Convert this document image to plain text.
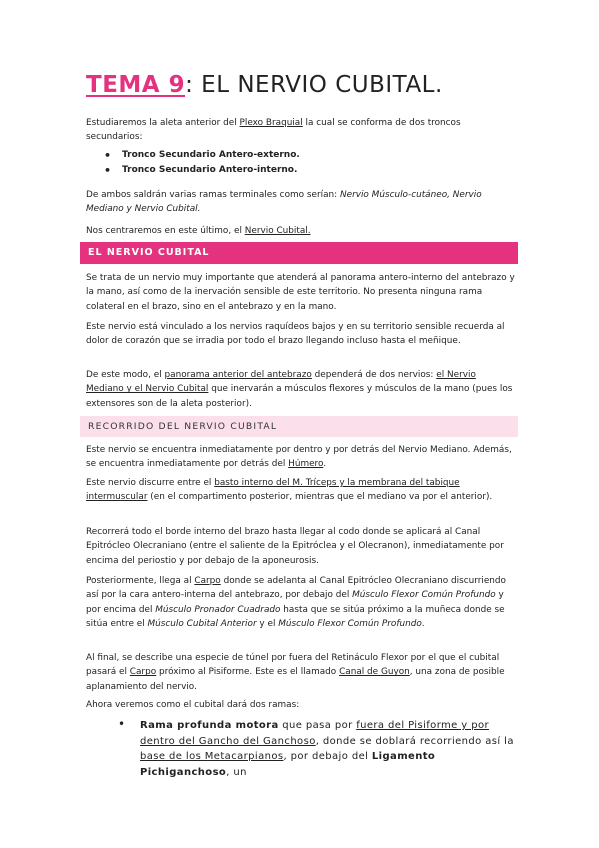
TEMA 9: EL NERVIO CUBITAL.
Estudiaremos la aleta anterior del Plexo Braquial la cual se conforma de dos troncos secundarios:
• Tronco Secundario Antero-externo.
• Tronco Secundario Antero-interno.
De ambos saldrán varias ramas terminales como serían: Nervio Músculo-cutáneo, Nervio Mediano y Nervio Cubital.
Nos centraremos en este último, el Nervio Cubital.
EL NERVIO CUBITAL
Se trata de un nervio muy importante que atenderá al panorama antero-interno del antebrazo y la mano, así como de la inervación sensible de este territorio. No presenta ninguna rama colateral en el brazo, sino en el antebrazo y en la mano.
Este nervio está vinculado a los nervios raquídeos bajos y en su territorio sensible recuerda al dolor de corazón que se irradia por todo el brazo llegando incluso hasta el meñique.
De este modo, el panorama anterior del antebrazo dependerá de dos nervios: el Nervio Mediano y el Nervio Cubital que inervarán a músculos flexores y músculos de la mano (pues los extensores son de la aleta posterior).
RECORRIDO DEL NERVIO CUBITAL
Este nervio se encuentra inmediatamente por dentro y por detrás del Nervio Mediano. Además, se encuentra inmediatamente por detrás del Húmero.
Este nervio discurre entre el basto interno del M. Tríceps y la membrana del tabique intermuscular (en el compartimento posterior, mientras que el mediano va por el anterior).
Recorrerá todo el borde interno del brazo hasta llegar al codo donde se aplicará al Canal Epitrócleo Olecraniano (entre el saliente de la Epitróclea y el Olecranon), inmediatamente por encima del periostio y por debajo de la aponeurosis.
Posteriormente, llega al Carpo donde se adelanta al Canal Epitrócleo Olecraniano discurriendo así por la cara antero-interna del antebrazo, por debajo del Músculo Flexor Común Profundo y por encima del Músculo Pronador Cuadrado hasta que se sitúa próximo a la muñeca donde se sitúa entre el Músculo Cubital Anterior y el Músculo Flexor Común Profundo.
Al final, se describe una especie de túnel por fuera del Retináculo Flexor por el que el cubital pasará el Carpo próximo al Pisiforme. Este es el llamado Canal de Guyon, una zona de posible aplanamiento del nervio.
Ahora veremos como el cubital dará dos ramas:
• Rama profunda motora que pasa por fuera del Pisiforme y por dentro del Gancho del Ganchoso, donde se doblará recorriendo así la base de los Metacarpianos, por debajo del Ligamento Pichiganchoso, un
